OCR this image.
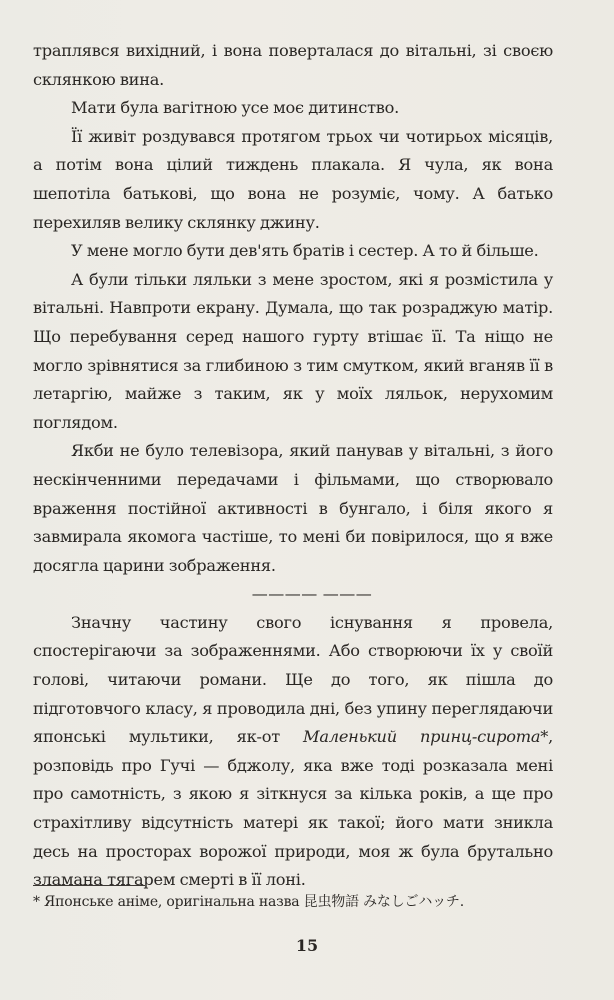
траплявся вихідний, і вона поверталася до вітальні, зі своєю склянкою вина.

Мати була вагітною усе моє дитинство.

Її живіт роздувався протягом трьох чи чотирьох місяців, а потім вона цілий тиждень плакала. Я чула, як вона шепотіла батькові, що вона не розуміє, чому. А батько перехиляв велику склянку джину.

У мене могло бути дев'ять братів і сестер. А то й більше.

А були тільки ляльки з мене зростом, які я розмістила у вітальні. Навпроти екрану. Думала, що так розраджую матір. Що перебування серед нашого гурту втішає її. Та ніщо не могло зрівнятися за глибиною з тим смутком, який вганяв її в летаргію, майже з таким, як у моїх ляльок, нерухомим поглядом.

Якби не було телевізора, який панував у вітальні, з його нескінченними передачами і фільмами, що створювало враження постійної активності в бунгало, і біля якого я завмирала якомога частіше, то мені би повірилося, що я вже досягла царини зображення.

———— ———

Значну частину свого існування я провела, спостерігаючи за зображеннями. Або створюючи їх у своїй голові, читаючи романи. Ще до того, як пішла до підготовчого класу, я проводила дні, без упину переглядаючи японські мультики, як-от Маленький принц-сирота*, розповідь про Гучі — бджолу, яка вже тоді розказала мені про самотність, з якою я зіткнуся за кілька років, а ще про страхітливу відсутність матері як такої; його мати зникла десь на просторах ворожої природи, моя ж була брутально зламана тягарем смерті в її лоні.

* Японське аніме, оригінальна назва 昆虫物語 みなしごハッチ.
15
